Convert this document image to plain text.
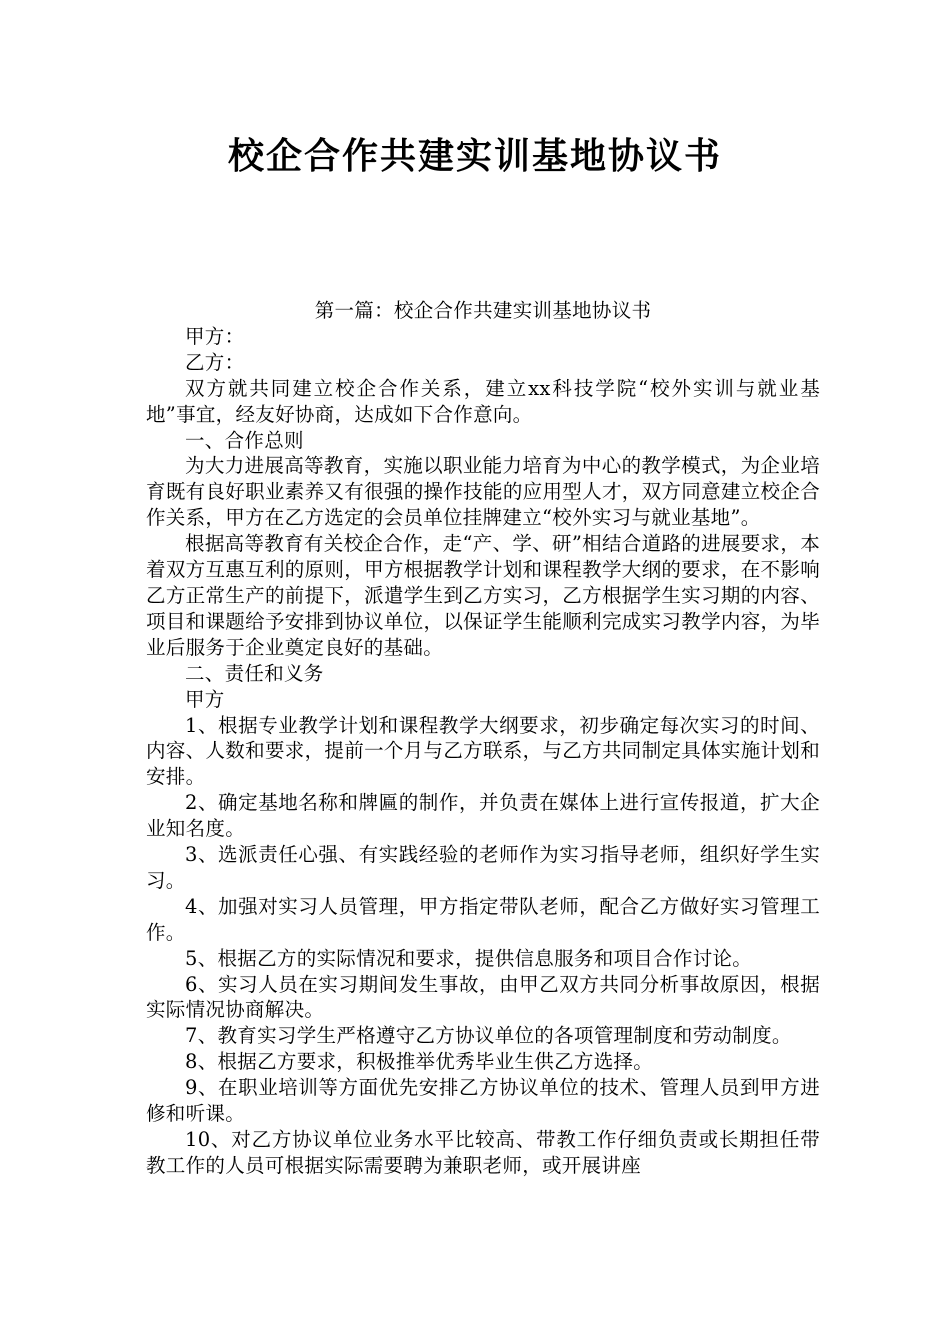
校企合作共建实训基地协议书

第一篇：校企合作共建实训基地协议书

甲方：

乙方：

双方就共同建立校企合作关系，建立xx科技学院“校外实训与就业基地”事宜，经友好协商，达成如下合作意向。

一、合作总则

为大力进展高等教育，实施以职业能力培育为中心的教学模式，为企业培育既有良好职业素养又有很强的操作技能的应用型人才，双方同意建立校企合作关系，甲方在乙方选定的会员单位挂牌建立“校外实习与就业基地”。

根据高等教育有关校企合作，走“产、学、研”相结合道路的进展要求，本着双方互惠互利的原则，甲方根据教学计划和课程教学大纲的要求，在不影响乙方正常生产的前提下，派遣学生到乙方实习，乙方根据学生实习期的内容、项目和课题给予安排到协议单位，以保证学生能顺利完成实习教学内容，为毕业后服务于企业奠定良好的基础。

二、责任和义务

甲方

1、根据专业教学计划和课程教学大纲要求，初步确定每次实习的时间、内容、人数和要求，提前一个月与乙方联系，与乙方共同制定具体实施计划和安排。

2、确定基地名称和牌匾的制作，并负责在媒体上进行宣传报道，扩大企业知名度。

3、选派责任心强、有实践经验的老师作为实习指导老师，组织好学生实习。

4、加强对实习人员管理，甲方指定带队老师，配合乙方做好实习管理工作。

5、根据乙方的实际情况和要求，提供信息服务和项目合作讨论。

6、实习人员在实习期间发生事故，由甲乙双方共同分析事故原因，根据实际情况协商解决。

7、教育实习学生严格遵守乙方协议单位的各项管理制度和劳动制度。

8、根据乙方要求，积极推举优秀毕业生供乙方选择。

9、在职业培训等方面优先安排乙方协议单位的技术、管理人员到甲方进修和听课。

10、对乙方协议单位业务水平比较高、带教工作仔细负责或长期担任带教工作的人员可根据实际需要聘为兼职老师，或开展讲座
